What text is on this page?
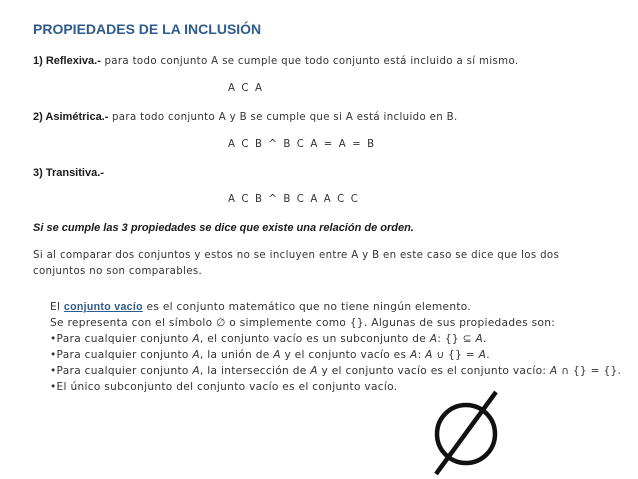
PROPIEDADES DE LA INCLUSIÓN
1) Reflexiva.- para todo conjunto A se cumple que todo conjunto está incluido a sí mismo.
A C A
2) Asimétrica.- para todo conjunto A y B se cumple que si A está incluido en B.
A C B ^ B C A = A = B
3) Transitiva.-
A C B ^ B C A A C C
Si se cumple las 3 propiedades se dice que existe una relación de orden.
Si al comparar dos conjuntos y estos no se incluyen entre A y B en este caso se dice que los dos
conjuntos no son comparables.
El conjunto vacío es el conjunto matemático que no tiene ningún elemento.
Se representa con el símbolo ∅ o simplemente como {}. Algunas de sus propiedades son:
•Para cualquier conjunto A, el conjunto vacío es un subconjunto de A: {} ⊆ A.
•Para cualquier conjunto A, la unión de A y el conjunto vacío es A: A ∪ {} = A.
•Para cualquier conjunto A, la intersección de A y el conjunto vacío es el conjunto vacío: A ∩ {} = {}.
•El único subconjunto del conjunto vacío es el conjunto vacío.
